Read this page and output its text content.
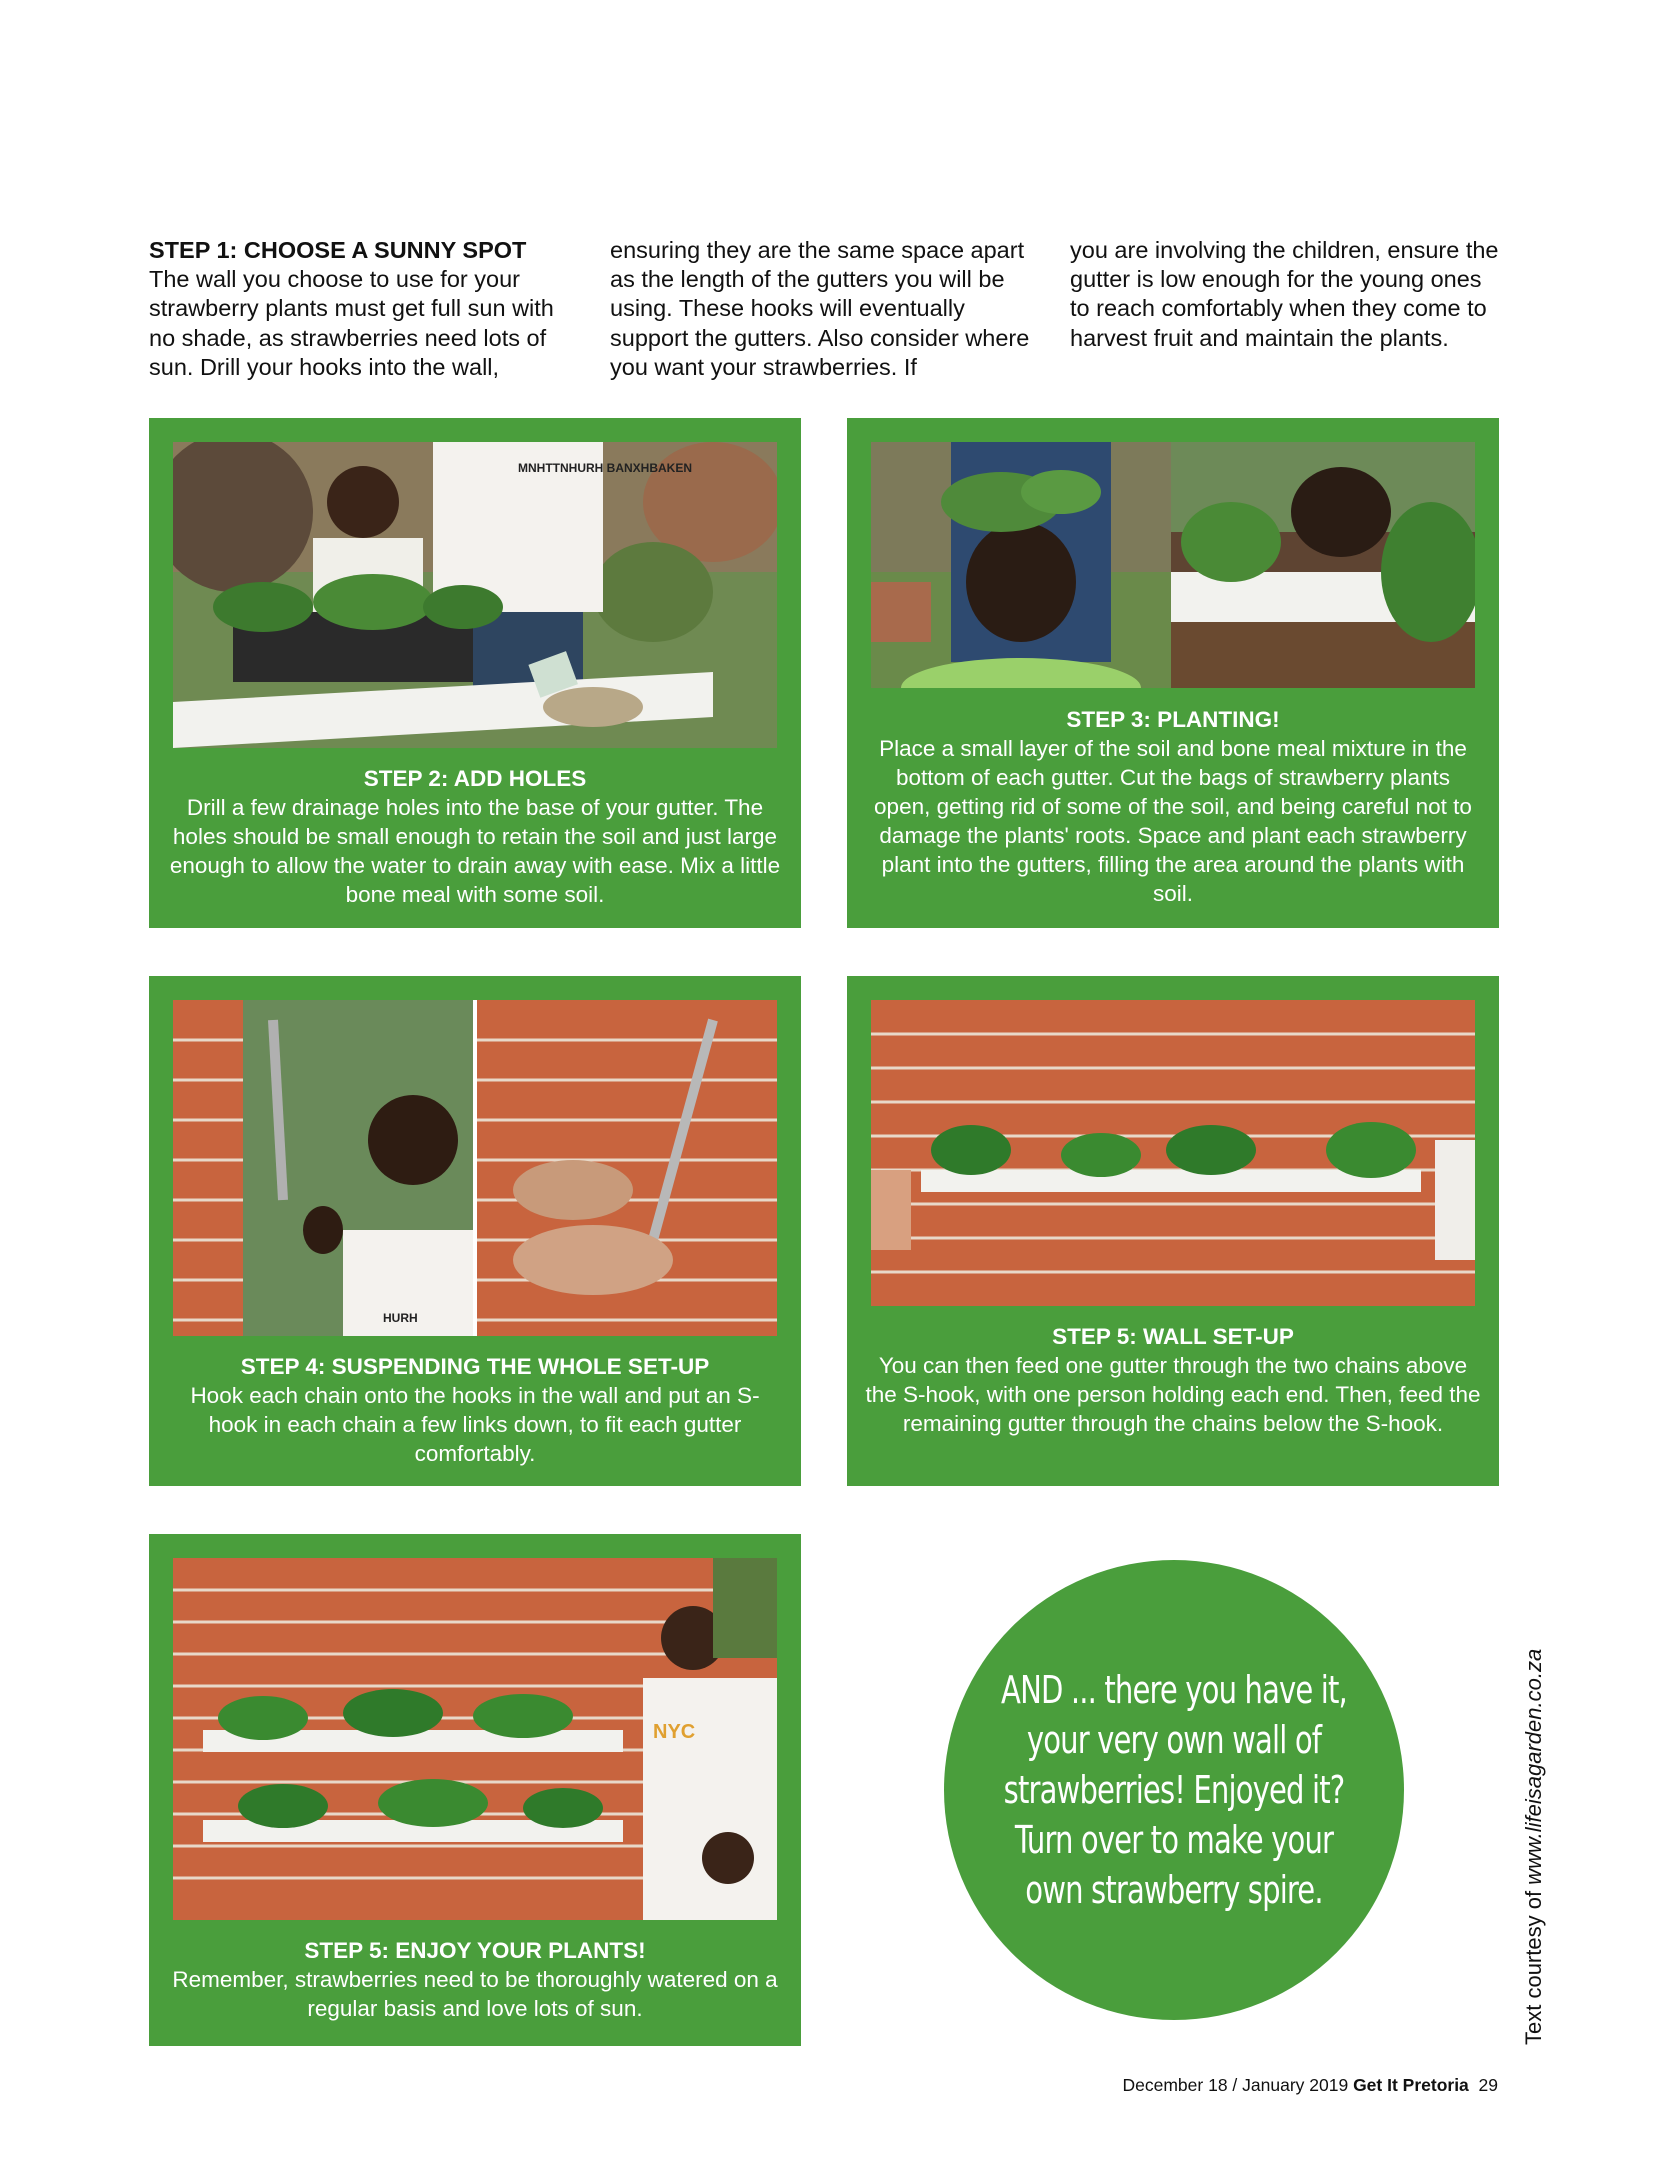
STEP 1: CHOOSE A SUNNY SPOT
The wall you choose to use for your strawberry plants must get full sun with no shade, as strawberries need lots of sun. Drill your hooks into the wall,
ensuring they are the same space apart as the length of the gutters you will be using. These hooks will eventually support the gutters. Also consider where you want your strawberries. If
you are involving the children, ensure the gutter is low enough for the young ones to reach comfortably when they come to harvest fruit and maintain the plants.
MNHTTNHURH BANXHBAKEN
STEP 2: ADD HOLES
Drill a few drainage holes into the base of your gutter. The holes should be small enough to retain the soil and just large enough to allow the water to drain away with ease. Mix a little bone meal with some soil.
STEP 3: PLANTING!
Place a small layer of the soil and bone meal mixture in the bottom of each gutter. Cut the bags of strawberry plants open, getting rid of some of the soil, and being careful not to damage the plants' roots. Space and plant each strawberry plant into the gutters, filling the area around the plants with soil.
HURH
STEP 4: SUSPENDING THE WHOLE SET-UP
Hook each chain onto the hooks in the wall and put an S-hook in each chain a few links down, to fit each gutter comfortably.
STEP 5: WALL SET-UP
You can then feed one gutter through the two chains above the S-hook, with one person holding each end. Then, feed the remaining gutter through the chains below the S-hook.
NYC
STEP 5: ENJOY YOUR PLANTS!
Remember, strawberries need to be thoroughly watered on a regular basis and love lots of sun.
AND ... there you have it, your very own wall of strawberries! Enjoyed it? Turn over to make your own strawberry spire.	Text courtesy of www.lifeisagarden.co.za
December 18 / January 2019 Get It Pretoria 29
